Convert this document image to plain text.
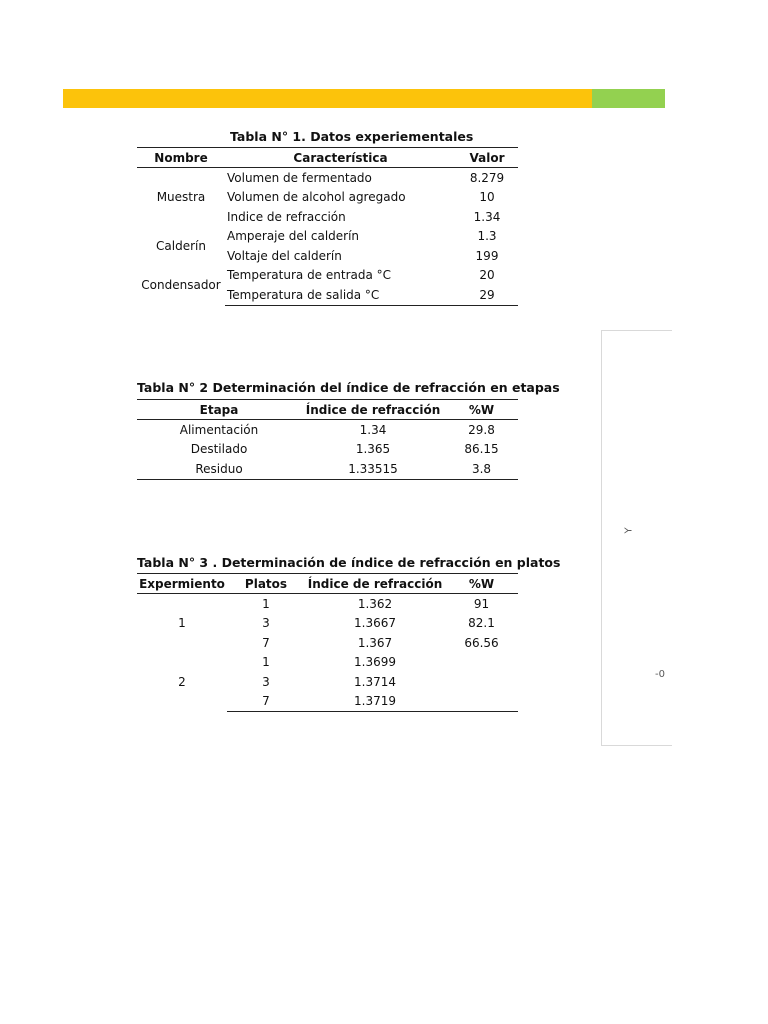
Tabla N° 1. Datos experiementales
Nombre	Característica	Valor
Muestra	Volumen de fermentado	8.279
	Volumen de alcohol agregado	10
	Indice de refracción	1.34
Calderín	Amperaje del calderín	1.3
	Voltaje del calderín	199
Condensador	Temperatura de entrada °C	20
	Temperatura de salida °C	29
Tabla N° 2 Determinación del índice de refracción en etapas
Etapa	Índice de refracción	%W
Alimentación	1.34	29.8
Destilado	1.365	86.15
Residuo	1.33515	3.8
Tabla N° 3 . Determinación de índice de refracción en platos
Expermiento	Platos	Índice de refracción	%W
1	1	1.362	91
	3	1.3667	82.1
	7	1.367	66.56
2	1	1.3699	
	3	1.3714	
	7	1.3719	
Y
-0
